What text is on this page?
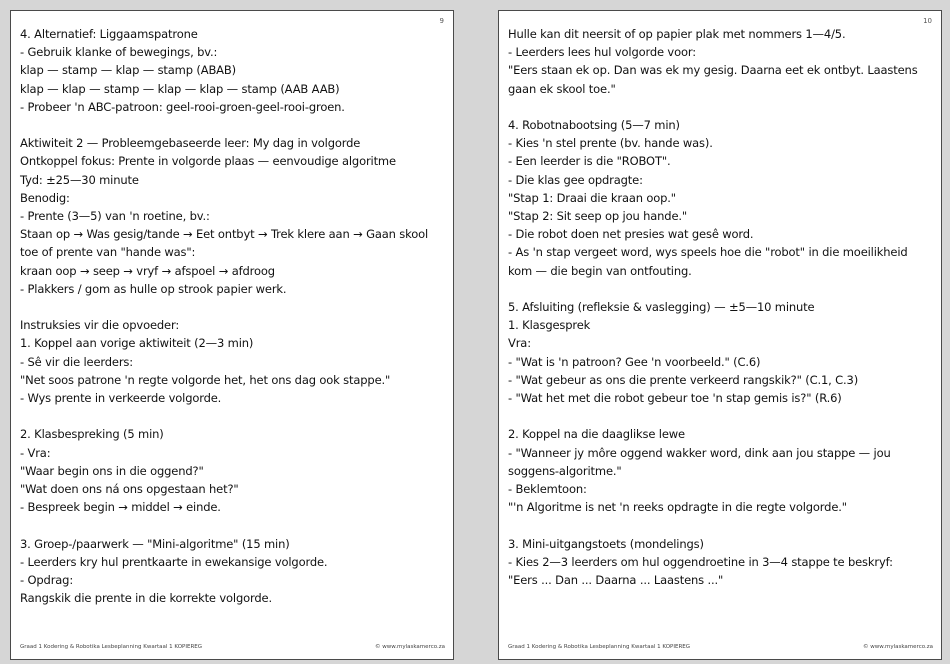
9
4. Alternatief: Liggaamspatrone
- Gebruik klanke of bewegings, bv.:
klap — stamp — klap — stamp (ABAB)
klap — klap — stamp — klap — klap — stamp (AAB AAB)
- Probeer 'n ABC-patroon: geel-rooi-groen-geel-rooi-groen.
Aktiwiteit 2 — Probleemgebaseerde leer: My dag in volgorde
Ontkoppel fokus: Prente in volgorde plaas — eenvoudige algoritme
Tyd: ±25—30 minute
Benodig:
- Prente (3—5) van 'n roetine, bv.:
Staan op → Was gesig/tande → Eet ontbyt → Trek klere aan → Gaan skool toe of prente van "hande was":
kraan oop → seep → vryf → afspoel → afdroog
- Plakkers / gom as hulle op strook papier werk.
Instruksies vir die opvoeder:
1. Koppel aan vorige aktiwiteit (2—3 min)
- Sê vir die leerders:
"Net soos patrone 'n regte volgorde het, het ons dag ook stappe."
- Wys prente in verkeerde volgorde.
2. Klasbespreking (5 min)
- Vra:
"Waar begin ons in die oggend?"
"Wat doen ons ná ons opgestaan het?"
- Bespreek begin → middel → einde.
3. Groep-/paarwerk — "Mini-algoritme" (15 min)
- Leerders kry hul prentkaarte in ewekansige volgorde.
- Opdrag:
Rangskik die prente in die korrekte volgorde.
Graad 1 Kodering & Robotika Lesbeplanning Kwartaal 1 KOPIEREG	© www.mylaskamerco.za
10
Hulle kan dit neersit of op papier plak met nommers 1—4/5.
- Leerders lees hul volgorde voor:
"Eers staan ek op. Dan was ek my gesig. Daarna eet ek ontbyt. Laastens gaan ek skool toe."
4. Robotnabootsing (5—7 min)
- Kies 'n stel prente (bv. hande was).
- Een leerder is die "ROBOT".
- Die klas gee opdragte:
"Stap 1: Draai die kraan oop."
"Stap 2: Sit seep op jou hande."
- Die robot doen net presies wat gesê word.
- As 'n stap vergeet word, wys speels hoe die "robot" in die moeilikheid kom — die begin van ontfouting.
5. Afsluiting (refleksie & vaslegging) — ±5—10 minute
1. Klasgesprek
Vra:
- "Wat is 'n patroon? Gee 'n voorbeeld." (C.6)
- "Wat gebeur as ons die prente verkeerd rangskik?" (C.1, C.3)
- "Wat het met die robot gebeur toe 'n stap gemis is?" (R.6)
2. Koppel na die daaglikse lewe
- "Wanneer jy môre oggend wakker word, dink aan jou stappe — jou soggens-algoritme."
- Beklemtoon:
"'n Algoritme is net 'n reeks opdragte in die regte volgorde."
3. Mini-uitgangstoets (mondelings)
- Kies 2—3 leerders om hul oggendroetine in 3—4 stappe te beskryf:
"Eers ... Dan ... Daarna ... Laastens ..."
Graad 1 Kodering & Robotika Lesbeplanning Kwartaal 1 KOPIEREG	© www.mylaskamerco.za
